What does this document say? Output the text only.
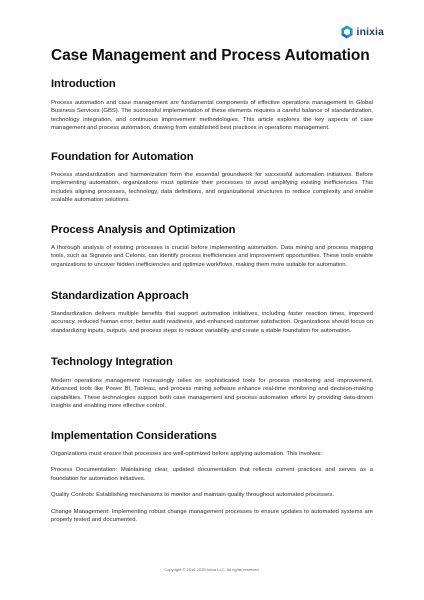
inixia
Case Management and Process Automation
Introduction

Process automation and case management are fundamental components of effective operations management in Global Business Services (GBS). The successful implementation of these elements requires a careful balance of standardization, technology integration, and continuous improvement methodologies. This article explores the key aspects of case management and process automation, drawing from established best practices in operations management.

Foundation for Automation

Process standardization and harmonization form the essential groundwork for successful automation initiatives. Before implementing automation, organizations must optimize their processes to avoid amplifying existing inefficiencies. This includes aligning processes, technology, data definitions, and organizational structures to reduce complexity and enable scalable automation solutions.

Process Analysis and Optimization

A thorough analysis of existing processes is crucial before implementing automation. Data mining and process mapping tools, such as Signavio and Celonis, can identify process inefficiencies and improvement opportunities. These tools enable organizations to uncover hidden inefficiencies and optimize workflows, making them more suitable for automation.

Standardization Approach

Standardization delivers multiple benefits that support automation initiatives, including faster reaction times, improved accuracy, reduced human error, better audit readiness, and enhanced customer satisfaction. Organizations should focus on standardizing inputs, outputs, and process steps to reduce variability and create a stable foundation for automation.

Technology Integration

Modern operations management increasingly relies on sophisticated tools for process monitoring and improvement. Advanced tools like Power BI, Tableau, and process mining software enhance real-time monitoring and decision-making capabilities. These technologies support both case management and process automation efforts by providing data-driven insights and enabling more effective control.

Implementation Considerations

Organizations must ensure that processes are well-optimized before applying automation. This involves:

Process Documentation: Maintaining clear, updated documentation that reflects current practices and serves as a foundation for automation initiatives.

Quality Controls: Establishing mechanisms to monitor and maintain quality throughout automated processes.

Change Management: Implementing robust change management processes to ensure updates to automated systems are properly tested and documented.

Copyright © 2016-2025 Inixia LLC. All rights reserved.
